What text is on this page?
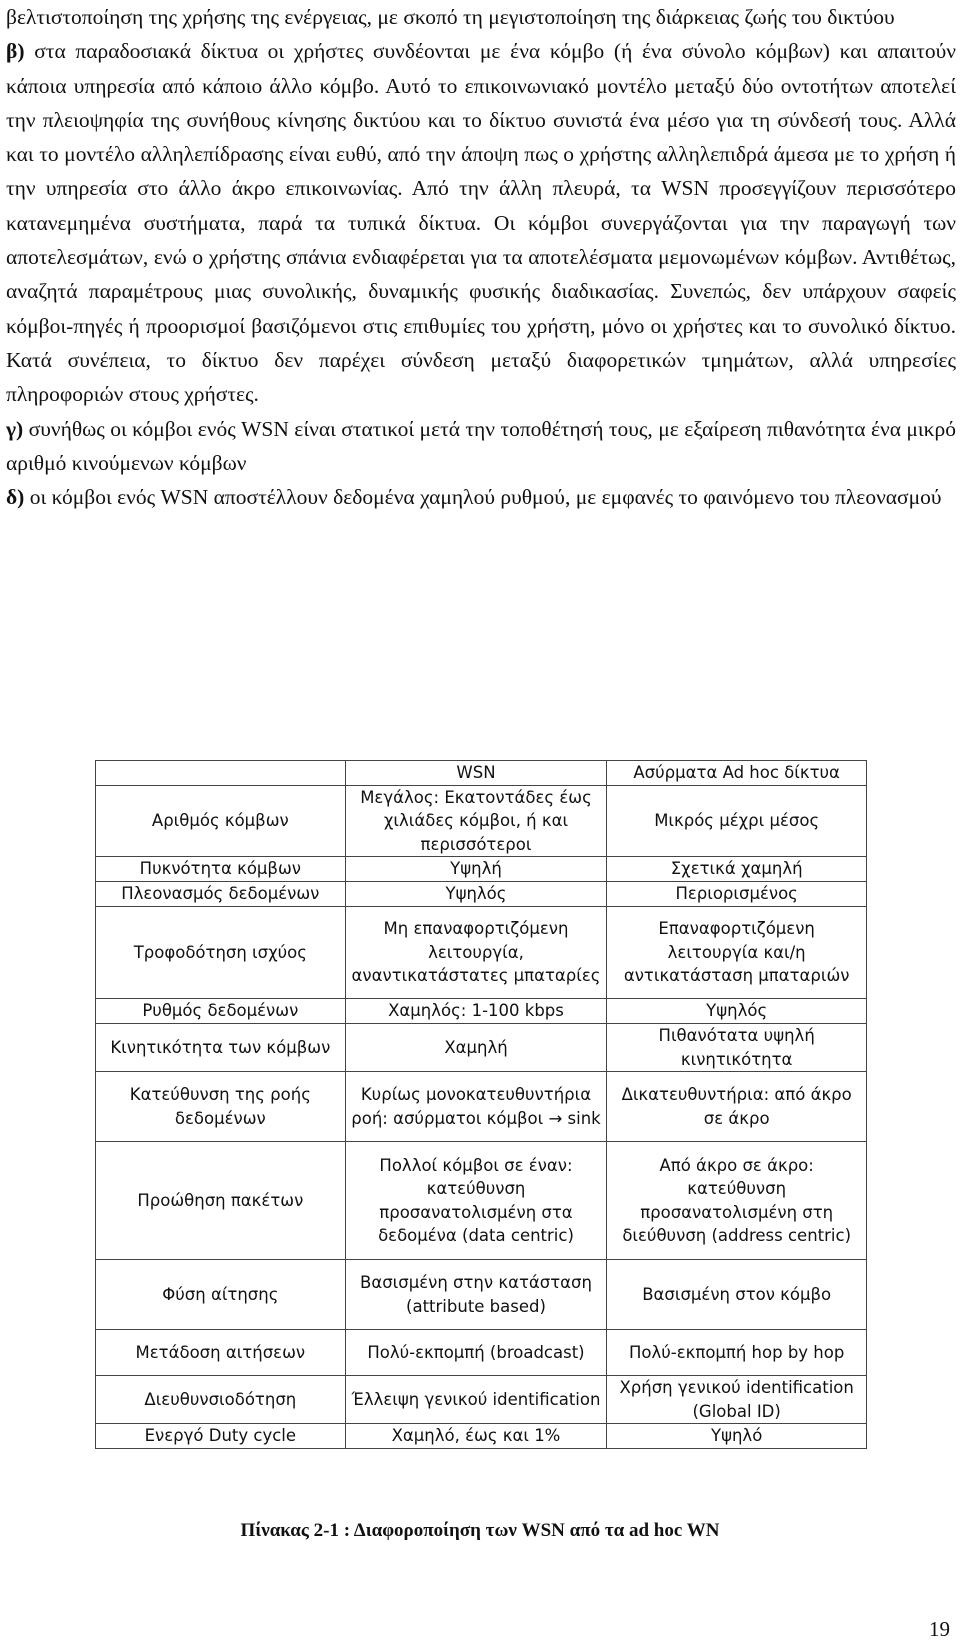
βελτιστοποίηση της χρήσης της ενέργειας, με σκοπό τη μεγιστοποίηση της διάρκειας ζωής του δικτύου

β) στα παραδοσιακά δίκτυα οι χρήστες συνδέονται με ένα κόμβο (ή ένα σύνολο κόμβων) και απαιτούν κάποια υπηρεσία από κάποιο άλλο κόμβο. Αυτό το επικοινωνιακό μοντέλο μεταξύ δύο οντοτήτων αποτελεί την πλειοψηφία της συνήθους κίνησης δικτύου και το δίκτυο συνιστά ένα μέσο για τη σύνδεσή τους. Αλλά και το μοντέλο αλληλεπίδρασης είναι ευθύ, από την άποψη πως ο χρήστης αλληλεπιδρά άμεσα με το χρήση ή την υπηρεσία στο άλλο άκρο επικοινωνίας. Από την άλλη πλευρά, τα WSN προσεγγίζουν περισσότερο κατανεμημένα συστήματα, παρά τα τυπικά δίκτυα. Οι κόμβοι συνεργάζονται για την παραγωγή των αποτελεσμάτων, ενώ ο χρήστης σπάνια ενδιαφέρεται για τα αποτελέσματα μεμονωμένων κόμβων. Αντιθέτως, αναζητά παραμέτρους μιας συνολικής, δυναμικής φυσικής διαδικασίας. Συνεπώς, δεν υπάρχουν σαφείς κόμβοι-πηγές ή προορισμοί βασιζόμενοι στις επιθυμίες του χρήστη, μόνο οι χρήστες και το συνολικό δίκτυο. Κατά συνέπεια, το δίκτυο δεν παρέχει σύνδεση μεταξύ διαφορετικών τμημάτων, αλλά υπηρεσίες πληροφοριών στους χρήστες.

γ) συνήθως οι κόμβοι ενός WSN είναι στατικοί μετά την τοποθέτησή τους, με εξαίρεση πιθανότητα ένα μικρό αριθμό κινούμενων κόμβων

δ) οι κόμβοι ενός WSN αποστέλλουν δεδομένα χαμηλού ρυθμού, με εμφανές το φαινόμενο του πλεονασμού

	WSN	Ασύρματα Ad hoc δίκτυα
Αριθμός κόμβων	Μεγάλος: Εκατοντάδες έως χιλιάδες κόμβοι, ή και περισσότεροι	Μικρός μέχρι μέσος
Πυκνότητα κόμβων	Υψηλή	Σχετικά χαμηλή
Πλεονασμός δεδομένων	Υψηλός	Περιορισμένος
Τροφοδότηση ισχύος	Μη επαναφορτιζόμενη λειτουργία, αναντικατάστατες μπαταρίες	Επαναφορτιζόμενη λειτουργία και/η αντικατάσταση μπαταριών
Ρυθμός δεδομένων	Χαμηλός: 1-100 kbps	Υψηλός
Κινητικότητα των κόμβων	Χαμηλή	Πιθανότατα υψηλή κινητικότητα
Κατεύθυνση της ροής δεδομένων	Κυρίως μονοκατευθυντήρια ροή: ασύρματοι κόμβοι → sink	Δικατευθυντήρια: από άκρο σε άκρο
Προώθηση πακέτων	Πολλοί κόμβοι σε έναν: κατεύθυνση προσανατολισμένη στα δεδομένα (data centric)	Από άκρο σε άκρο: κατεύθυνση προσανατολισμένη στη διεύθυνση (address centric)
Φύση αίτησης	Βασισμένη στην κατάσταση (attribute based)	Βασισμένη στον κόμβο
Μετάδοση αιτήσεων	Πολύ-εκπομπή (broadcast)	Πολύ-εκπομπή hop by hop
Διευθυνσιοδότηση	Έλλειψη γενικού identification	Χρήση γενικού identification (Global ID)
Ενεργό Duty cycle	Χαμηλό, έως και 1%	Υψηλό
Πίνακας 2-1 : Διαφοροποίηση των WSN από τα ad hoc WN
19
